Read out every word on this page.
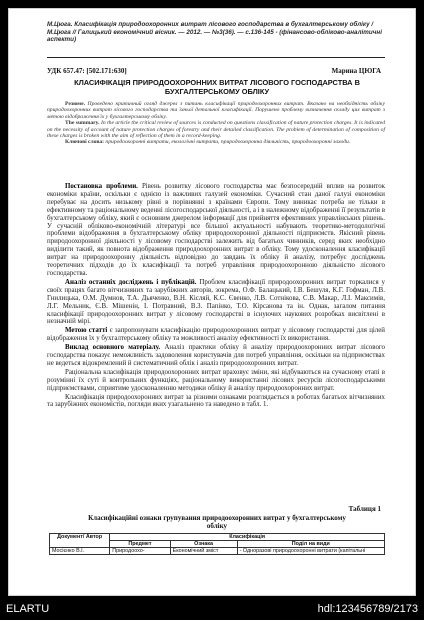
М.Цюга. Класифікація природоохоронних витрат лісового господарства в бухгалтерському обліку / М.Цюга // Галицький економічний вісник. — 2012. — №3(36). — с.136-145 - (фінансово-обліково-аналітичні аспекти)
УДК 657.47: [502.171:630]	Марина ЦЮГА
КЛАСИФІКАЦІЯ ПРИРОДООХОРОННИХ ВИТРАТ ЛІСОВОГО ГОСПОДАРСТВА В БУХГАЛТЕРСЬКОМУ ОБЛІКУ

Резюме. Проведено критичний огляд джерел з питань класифікації природоохоронних витрат. Вказано на необхідність обліку природоохоронних витрат лісового господарства та їхньої детальної класифікації. Порушено проблему визначення складу цих витрат з метою відображення їх у бухгалтерському обліку.

The summary. In the article the critical review of sources is conducted on questions classification of nature protection charges. It is indicated on the necessity of account of nature protection charges of forestry and their detailed classification. The problem of determination of composition of these charges is broken with the aim of reflection of them in a record-keeping.

Ключові слова: природоохоронні витрати, екологічні витрати, природоохоронна діяльність, природоохоронні заходи.

Постановка проблеми. Рівень розвитку лісового господарства має безпосередній вплив на розвиток економіки країни, оскільки є однією із важливих галузей економіки. Сучасний стан даної галузі економіки перебуває на досить низькому рівні в порівнянні з країнами Європи. Тому виникає потреба не тільки в ефективному та раціональному веденні лісогосподарської діяльності, а і в належному відображенні її результатів в бухгалтерському обліку, який є основним джерелом інформації для прийняття ефективних управлінських рішень. У сучасній обліково-економічній літературі все більшої актуальності набувають теоретико-методологічні проблеми відображення в бухгалтерському обліку природоохоронної діяльності підприємств. Якісний рівень природоохоронної діяльності у лісовому господарстві залежить від багатьох чинників, серед яких необхідно виділити такий, як повнота відображення природоохоронних витрат в обліку. Тому удосконалення класифікації витрат на природоохоронну діяльність відповідно до завдань їх обліку й аналізу, потребує досліджень теоретичних підходів до їх класифікації та потреб управління природоохоронною діяльністю лісового господарства.

Аналіз останніх досліджень і публікацій. Проблем класифікації природоохоронних витрат торкалися у своїх працях багато вітчизняних та зарубіжних авторів, зокрема, О.Ф. Балацький, І.В. Бешуля, К.Г. Гофман, Л.В. Гнилицька, О.М. Думнов, Т.А. Дьяченко, В.Н. Кісляй, К.С. Євенко, Л.В. Сотнікова, С.В. Макар, Л.І. Максимів, Л.Г. Мельник, Є.В. Мішенін, І. Потравний, В.З. Папінко, Т.О. Кірсанова та ін. Однак, загалом питання класифікації природоохоронних витрат у лісовому господарстві в існуючих наукових розробках висвітлені в незначній мірі.

Метою статті є запропонувати класифікацію природоохоронних витрат у лісовому господарстві для цілей відображення їх у бухгалтерському обліку та можливості аналізу ефективності їх використання.

Виклад основного матеріалу. Аналіз практики обліку й аналізу природоохоронних витрат лісового господарства показує неможливість задоволення користувачів для потреб управління, оскільки на підприємствах не ведеться відокремлений й систематичний облік і аналіз природоохоронних витрат.

Раціональна класифікація природоохоронних витрат враховує зміни, які відбуваються на сучасному етапі в розумінні їх суті й контрольних функціях, раціональному використанні лісових ресурсів лісогосподарськими підприємствами, сприятиме удосконаленню методики обліку й аналізу природоохоронних витрат.

Класифікація природоохоронних витрат за різними ознаками розглядається в роботах багатьох вітчизняних та зарубіжних економістів, погляди яких узагальнено та наведено в табл. 1.

Таблиця 1
Класифікаційні ознаки групування природоохоронних витрат у бухгалтерському обліку
Документ/ Автор	Класифікація		
	Предмет	Ознака	Поділ на види
Мосієнко В.І.	Природоохо-	Економічний зміст	- Одноразові природоохоронні витрати (капітальні
ELARTU	hdl:123456789/2173
